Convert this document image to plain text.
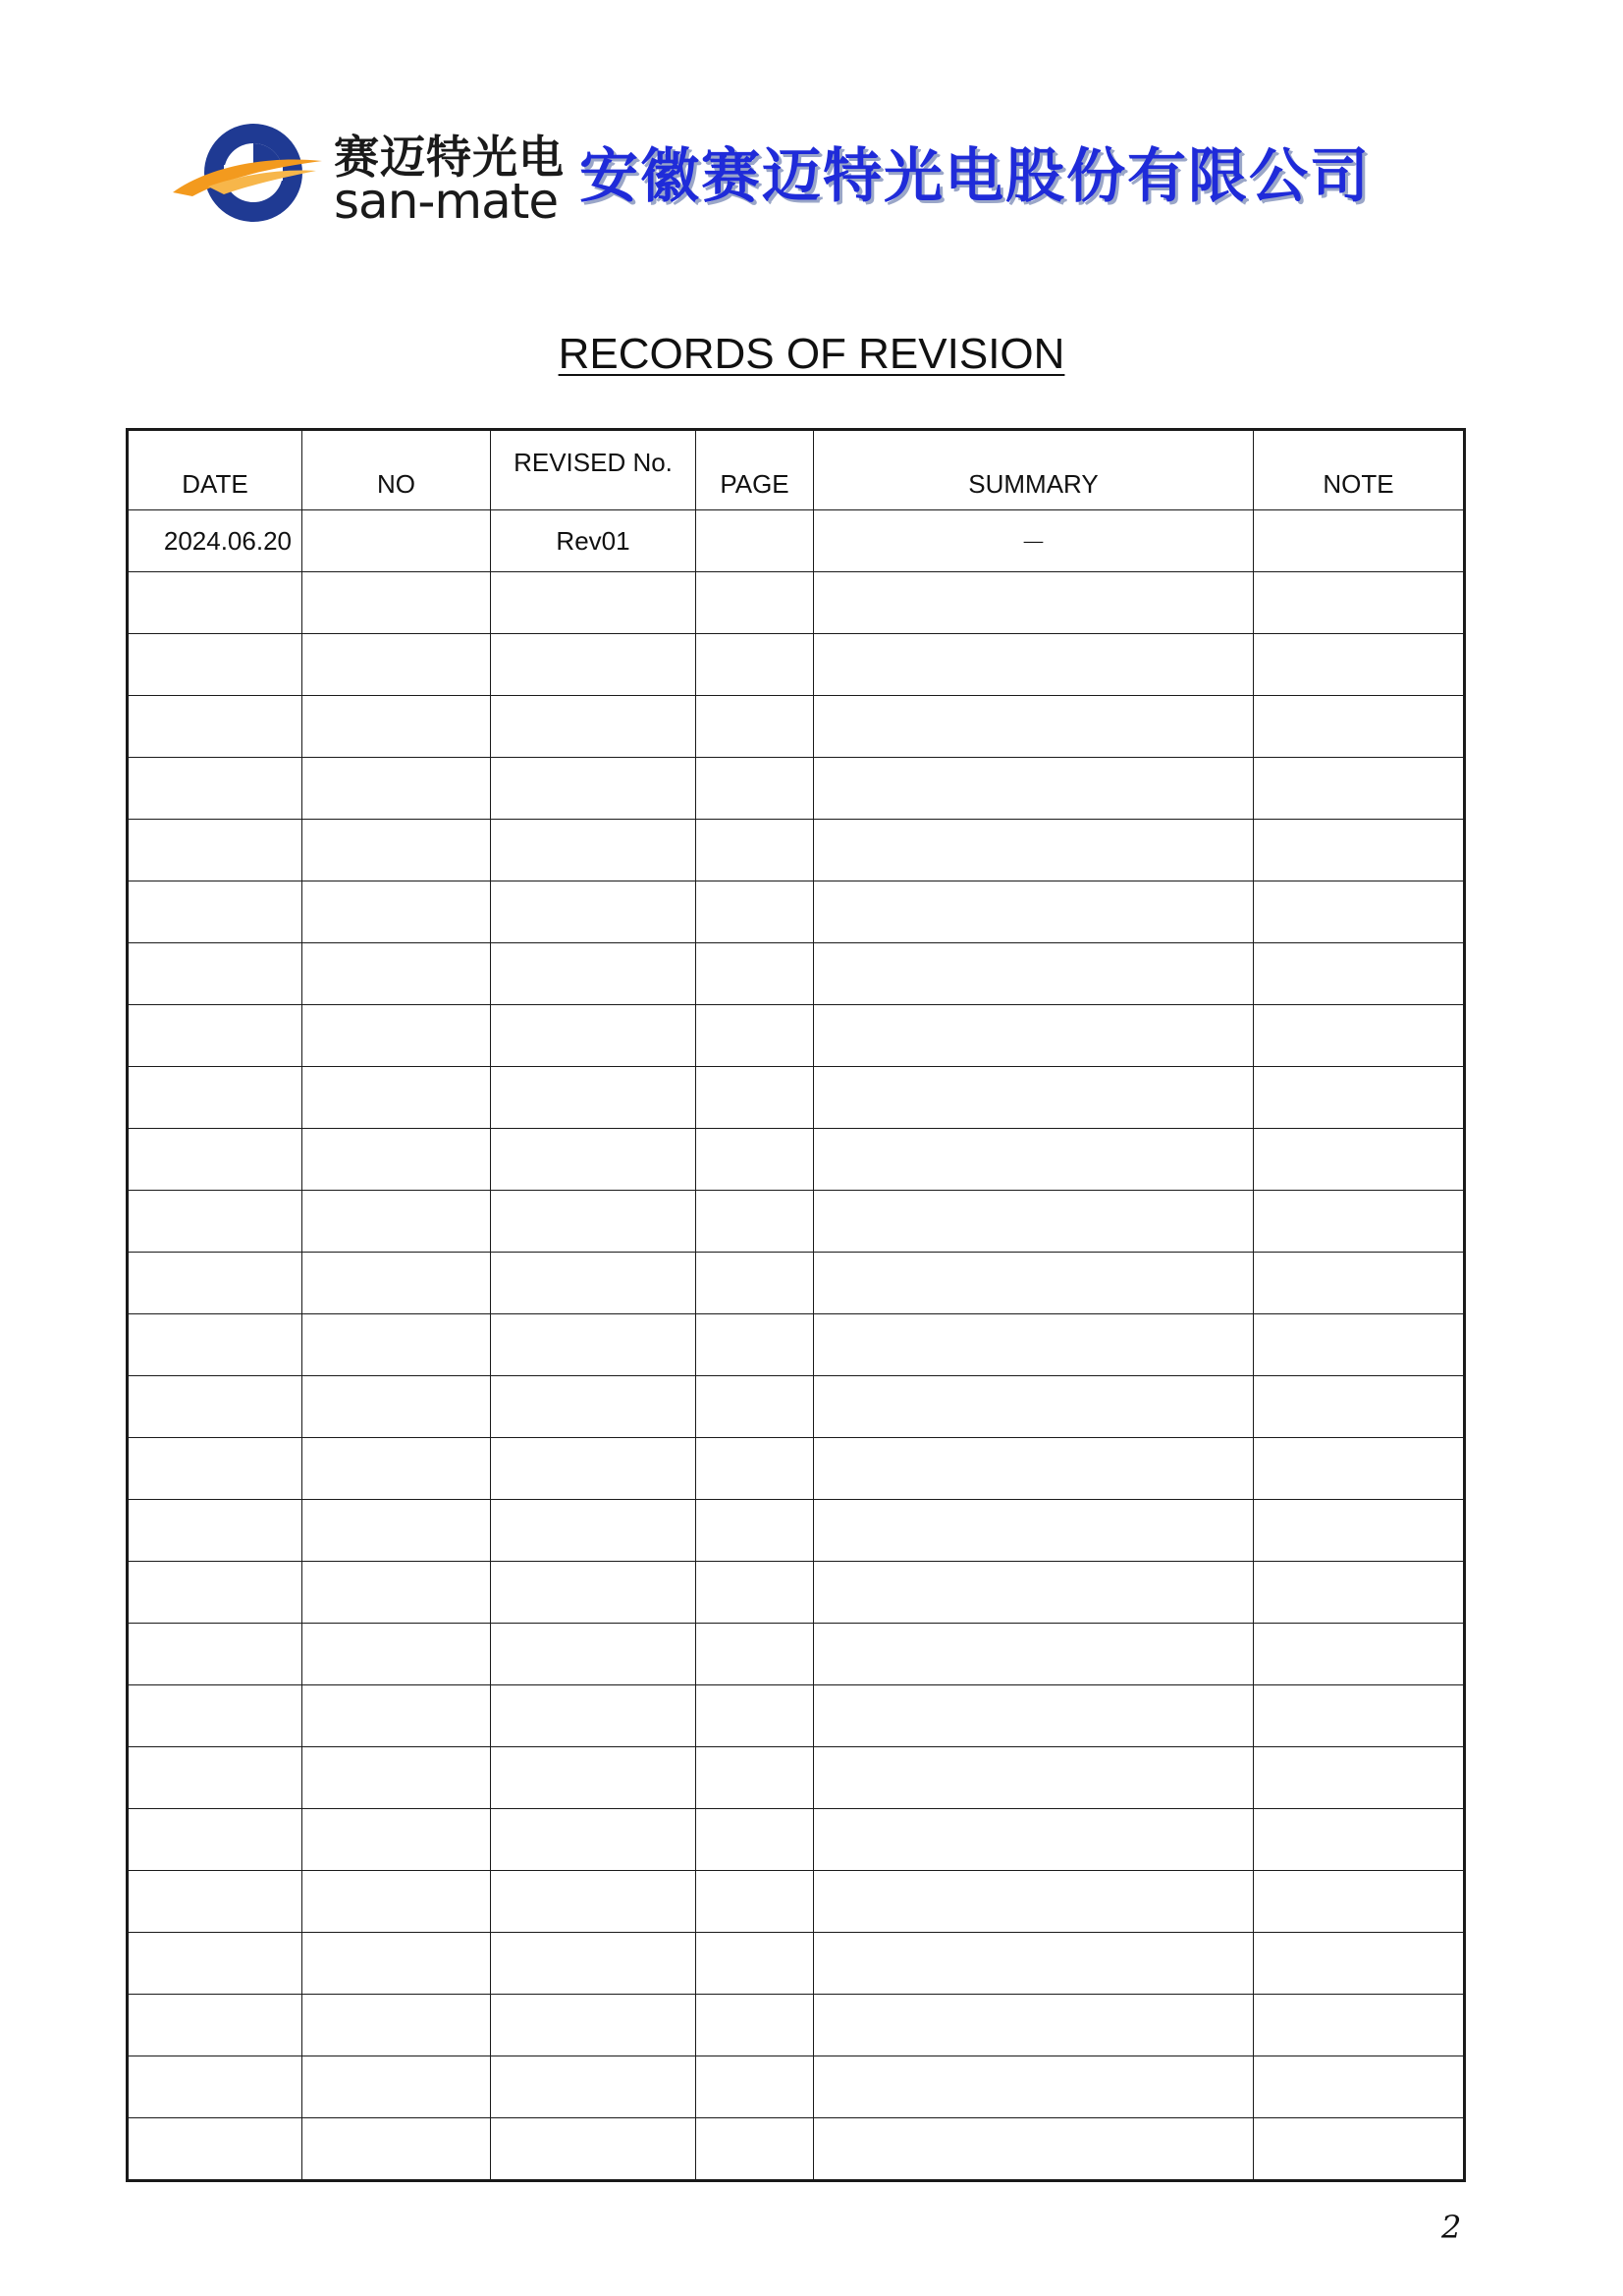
赛迈特光电
san-mate 安徽赛迈特光电股份有限公司
RECORDS OF REVISION
DATE	NO	REVISED No.	PAGE	SUMMARY	NOTE
2024.06.20		Rev01		－	

2
